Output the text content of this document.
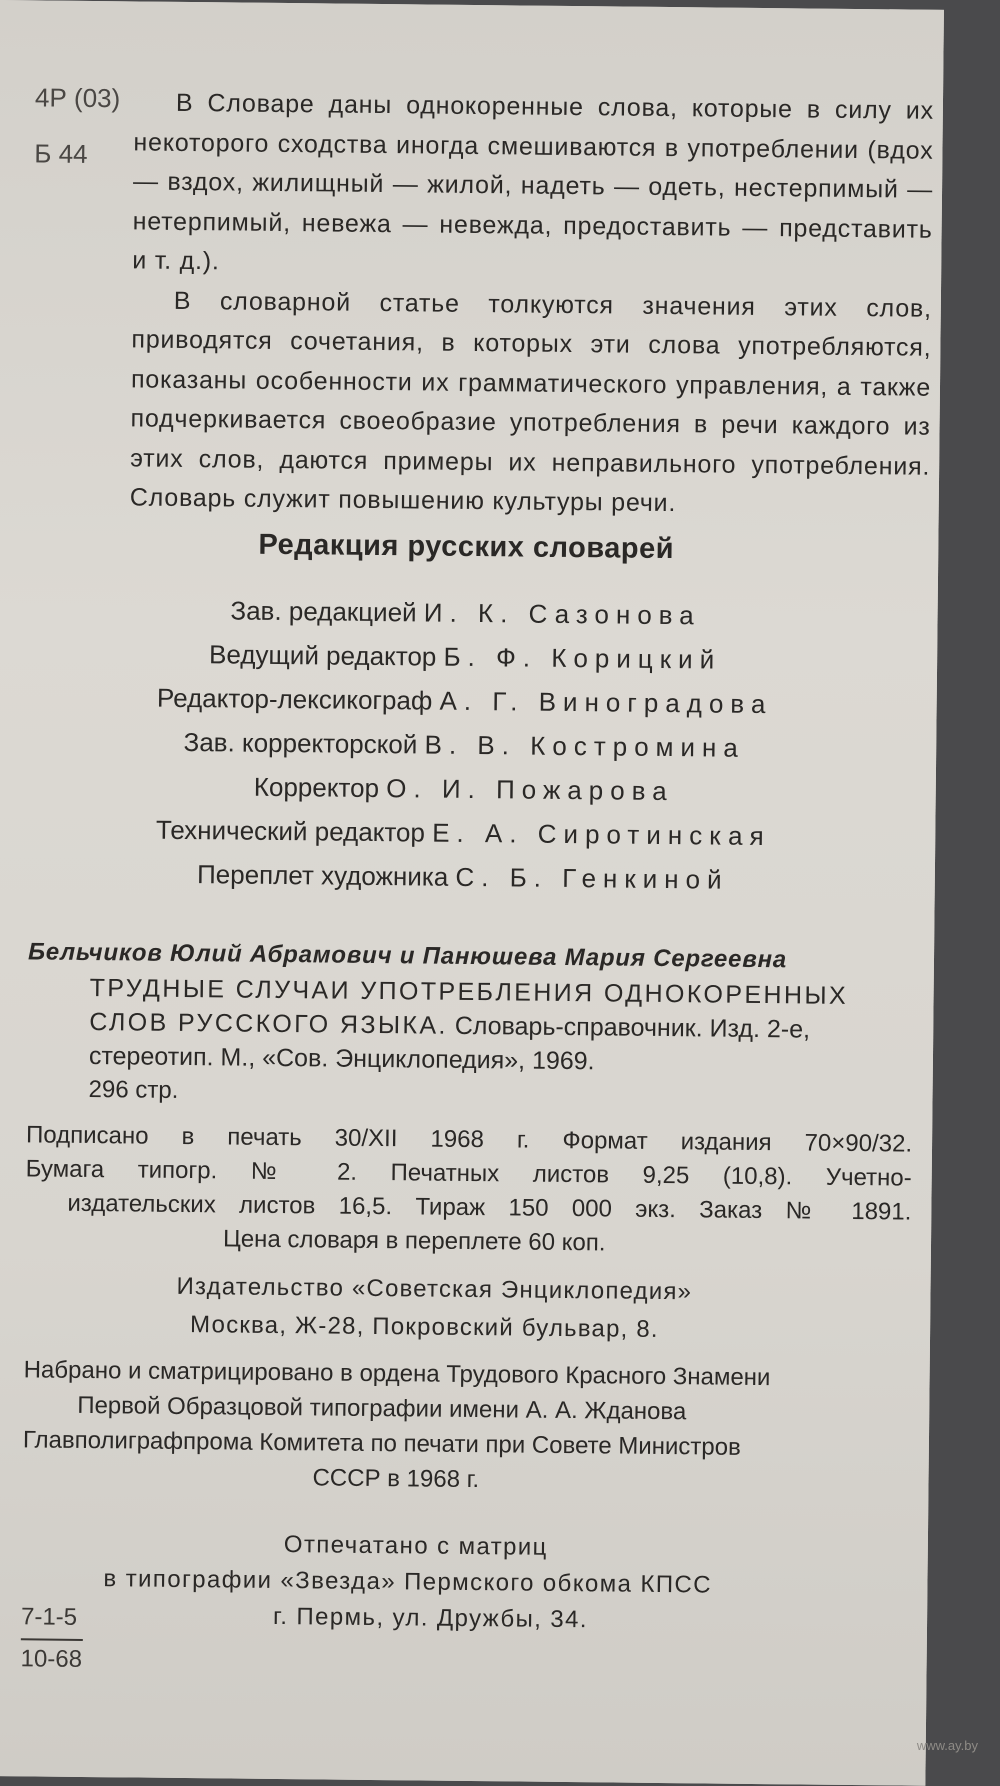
4Р (03)
Б 44

В Словаре даны однокоренные слова, которые в силу их некоторого сходства иногда смешиваются в употреблении (вдох — вздох, жилищный — жилой, надеть — одеть, нестерпимый — нетерпимый, невежа — невежда, предоставить — представить и т. д.).

В словарной статье толкуются значения этих слов, приводятся сочетания, в которых эти слова употребляются, показаны особенности их грамматического управления, а также подчеркивается своеобразие употребления в речи каждого из этих слов, даются примеры их неправильного употребления. Словарь служит повышению культуры речи.

Редакция русских словарей
Зав. редакцией И. К. Сазонова
Ведущий редактор Б. Ф. Корицкий
Редактор-лексикограф А. Г. Виноградова
Зав. корректорской В. В. Костромина
Корректор О. И. Пожарова
Технический редактор Е. А. Сиротинская
Переплет художника С. Б. Генкиной
Бельчиков Юлий Абрамович и Панюшева Мария Сергеевна
ТРУДНЫЕ СЛУЧАИ УПОТРЕБЛЕНИЯ ОДНОКОРЕННЫХ СЛОВ РУССКОГО ЯЗЫКА. Словарь-справочник. Изд. 2-е, стереотип. М., «Сов. Энциклопедия», 1969.
296 стр.
Подписано в печать 30/XII 1968 г. Формат издания 70×90/32.
Бумага типогр. № 2. Печатных листов 9,25 (10,8). Учетно-
издательских листов 16,5. Тираж 150 000 экз. Заказ № 1891.
Цена словаря в переплете 60 коп.
Издательство «Советская Энциклопедия»
Москва, Ж-28, Покровский бульвар, 8.
Набрано и сматрицировано в ордена Трудового Красного Знамени
Первой Образцовой типографии имени А. А. Жданова
Главполиграфпрома Комитета по печати при Совете Министров
СССР в 1968 г.
Отпечатано с матриц
в типографии «Звезда» Пермского обкома КПСС
г. Пермь, ул. Дружбы, 34.
7-1-5
10-68
www.ay.by
